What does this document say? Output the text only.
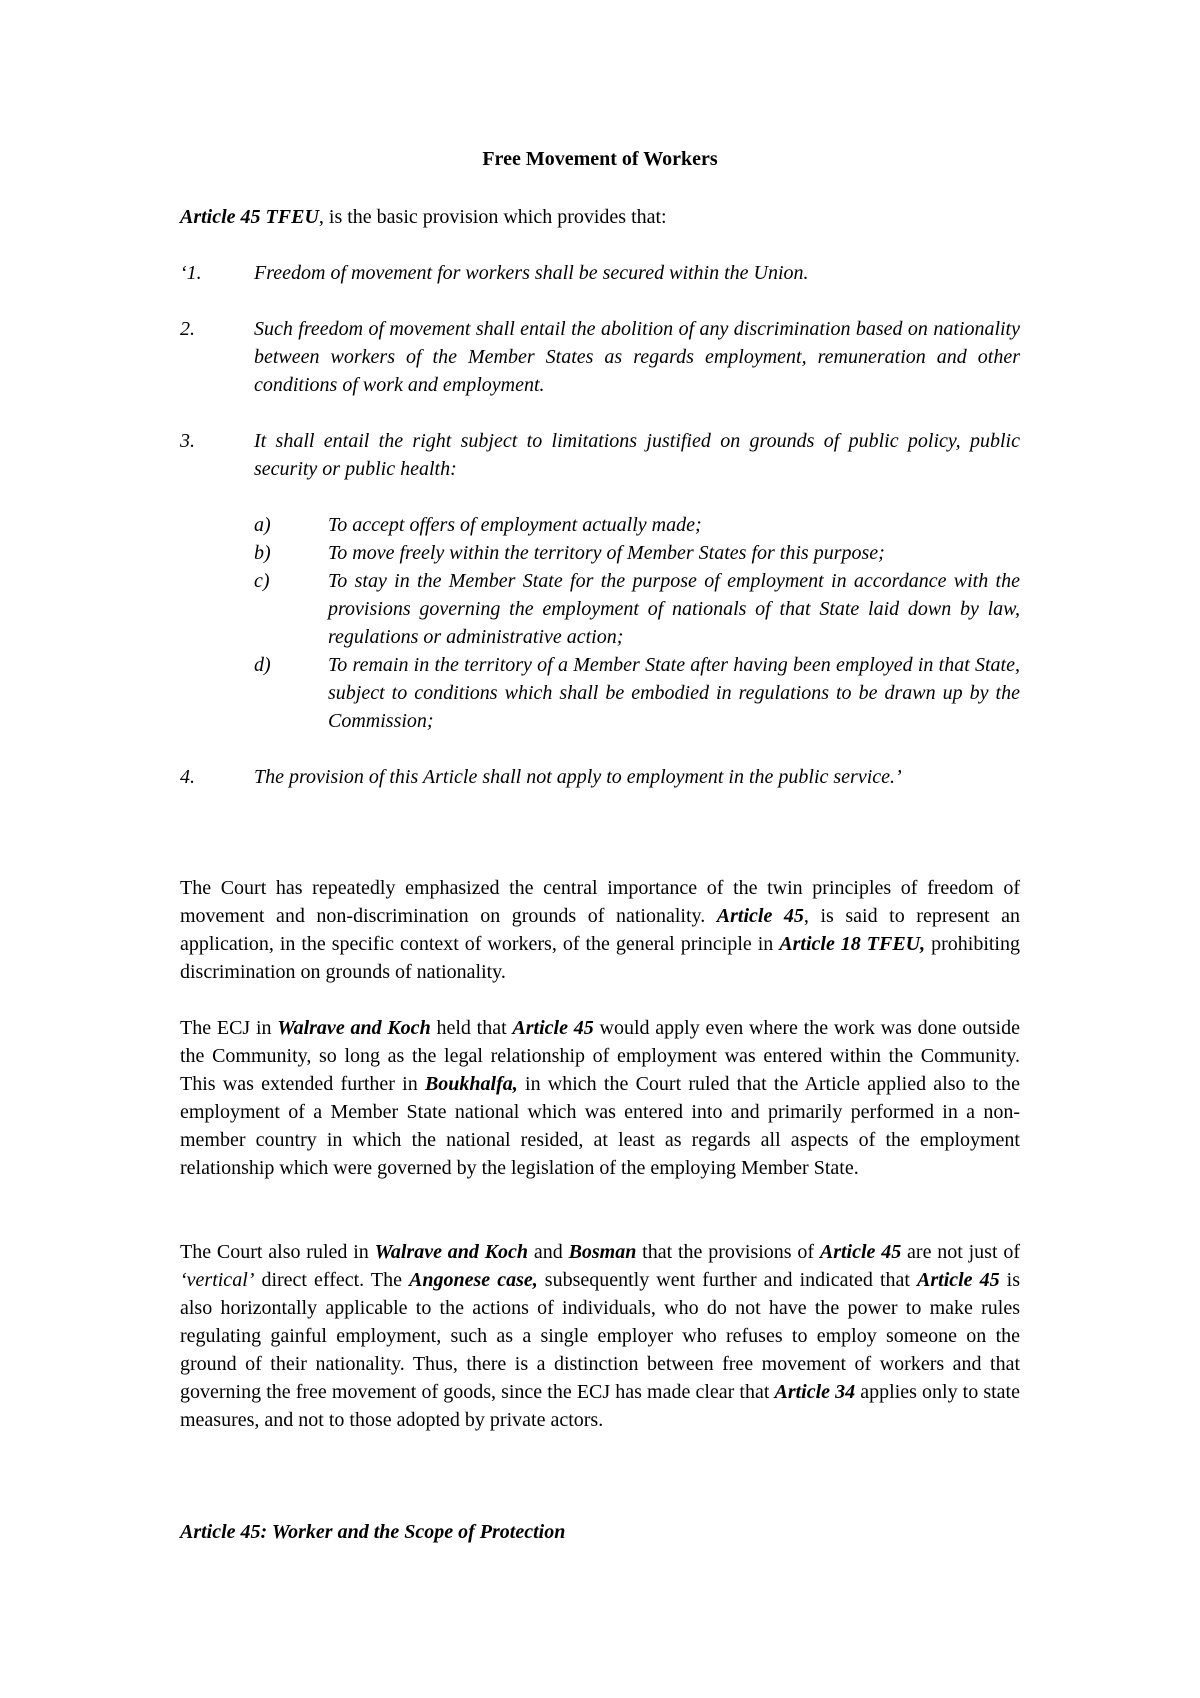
Free Movement of Workers

Article 45 TFEU, is the basic provision which provides that:

‘1.	Freedom of movement for workers shall be secured within the Union.
2.	Such freedom of movement shall entail the abolition of any discrimination based on nationality between workers of the Member States as regards employment, remuneration and other conditions of work and employment.
3.	It shall entail the right subject to limitations justified on grounds of public policy, public security or public health:
a)	To accept offers of employment actually made;
b)	To move freely within the territory of Member States for this purpose;
c)	To stay in the Member State for the purpose of employment in accordance with the provisions governing the employment of nationals of that State laid down by law, regulations or administrative action;
d)	To remain in the territory of a Member State after having been employed in that State, subject to conditions which shall be embodied in regulations to be drawn up by the Commission;
4.	The provision of this Article shall not apply to employment in the public service.’

The Court has repeatedly emphasized the central importance of the twin principles of freedom of movement and non-discrimination on grounds of nationality. Article 45, is said to represent an application, in the specific context of workers, of the general principle in Article 18 TFEU, prohibiting discrimination on grounds of nationality.

The ECJ in Walrave and Koch held that Article 45 would apply even where the work was done outside the Community, so long as the legal relationship of employment was entered within the Community. This was extended further in Boukhalfa, in which the Court ruled that the Article applied also to the employment of a Member State national which was entered into and primarily performed in a non-member country in which the national resided, at least as regards all aspects of the employment relationship which were governed by the legislation of the employing Member State.

The Court also ruled in Walrave and Koch and Bosman that the provisions of Article 45 are not just of ‘vertical’ direct effect. The Angonese case, subsequently went further and indicated that Article 45 is also horizontally applicable to the actions of individuals, who do not have the power to make rules regulating gainful employment, such as a single employer who refuses to employ someone on the ground of their nationality. Thus, there is a distinction between free movement of workers and that governing the free movement of goods, since the ECJ has made clear that Article 34 applies only to state measures, and not to those adopted by private actors.

Article 45: Worker and the Scope of Protection
